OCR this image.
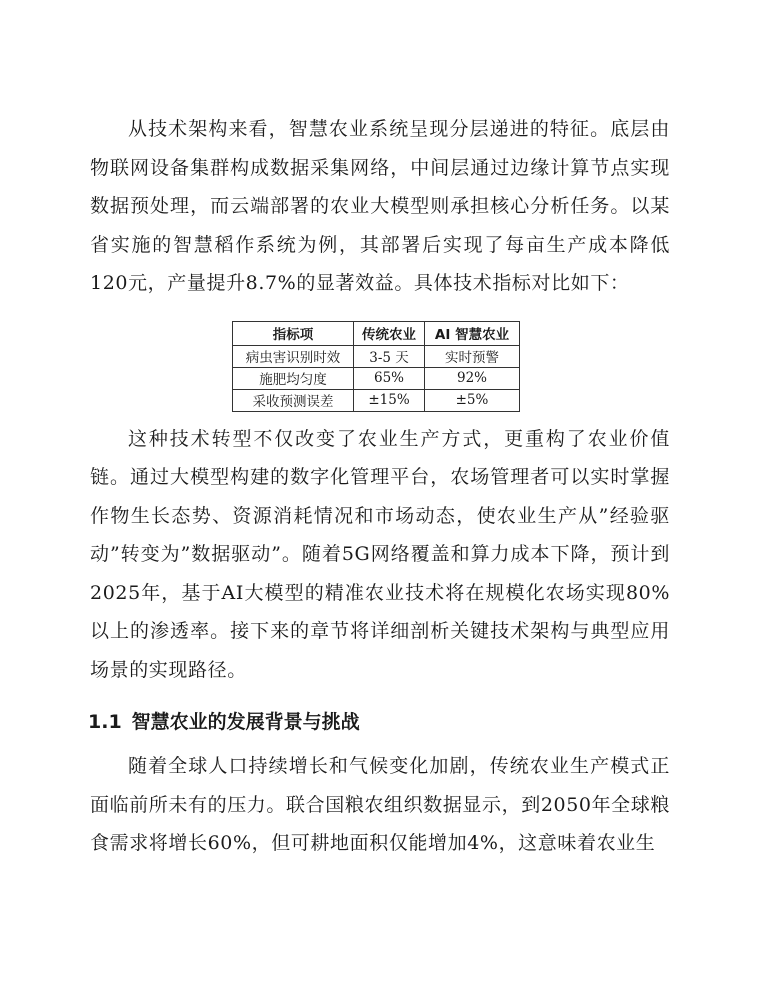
从技术架构来看，智慧农业系统呈现分层递进的特征。底层由物联网设备集群构成数据采集网络，中间层通过边缘计算节点实现数据预处理，而云端部署的农业大模型则承担核心分析任务。以某省实施的智慧稻作系统为例，其部署后实现了每亩生产成本降低120元，产量提升8.7%的显著效益。具体技术指标对比如下：

指标项	传统农业	AI 智慧农业
病虫害识别时效	3-5 天	实时预警
施肥均匀度	65%	92%
采收预测误差	±15%	±5%

这种技术转型不仅改变了农业生产方式，更重构了农业价值链。通过大模型构建的数字化管理平台，农场管理者可以实时掌握作物生长态势、资源消耗情况和市场动态，使农业生产从”经验驱动”转变为”数据驱动”。随着5G网络覆盖和算力成本下降，预计到2025年，基于AI大模型的精准农业技术将在规模化农场实现80%以上的渗透率。接下来的章节将详细剖析关键技术架构与典型应用场景的实现路径。

1.1 智慧农业的发展背景与挑战

随着全球人口持续增长和气候变化加剧，传统农业生产模式正面临前所未有的压力。联合国粮农组织数据显示，到2050年全球粮食需求将增长60%，但可耕地面积仅能增加4%，这意味着农业生
